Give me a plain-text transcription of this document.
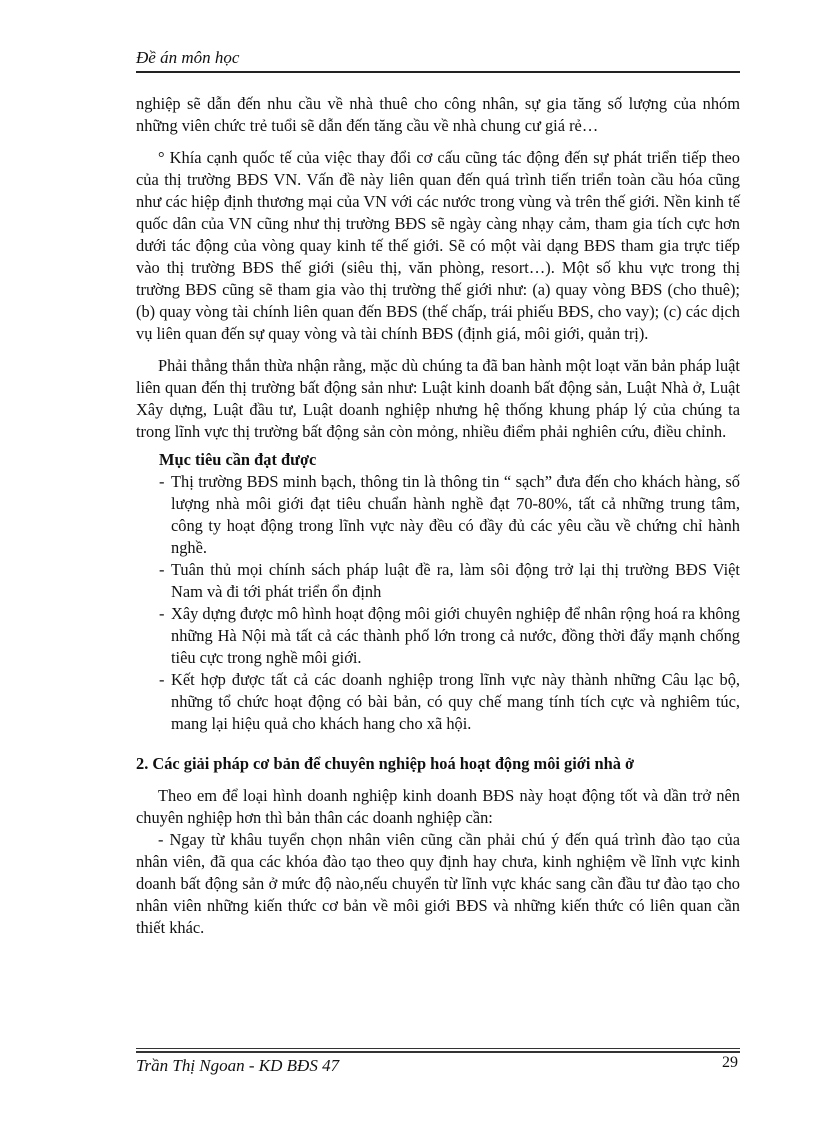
Đề án môn học

nghiệp sẽ dẫn đến nhu cầu về nhà thuê cho công nhân, sự gia tăng số lượng của nhóm những viên chức trẻ tuổi sẽ dẫn đến tăng cầu về nhà chung cư giá rẻ…

° Khía cạnh quốc tế của việc thay đổi cơ cấu cũng tác động đến sự phát triển tiếp theo của thị trường BĐS VN. Vấn đề này liên quan đến quá trình tiến triển toàn cầu hóa cũng như các hiệp định thương mại của VN với các nước trong vùng và trên thế giới. Nền kinh tế quốc dân của VN cũng như thị trường BĐS sẽ ngày càng nhạy cảm, tham gia tích cực hơn dưới tác động của vòng quay kinh tế thế giới. Sẽ có một vài dạng BĐS tham gia trực tiếp vào thị trường BĐS thế giới (siêu thị, văn phòng, resort…). Một số khu vực trong thị trường BĐS cũng sẽ tham gia vào thị trường thế giới như: (a) quay vòng BĐS (cho thuê); (b) quay vòng tài chính liên quan đến BĐS (thế chấp, trái phiếu BĐS, cho vay); (c) các dịch vụ liên quan đến sự quay vòng và tài chính BĐS (định giá, môi giới, quản trị).

Phải thẳng thắn thừa nhận rằng, mặc dù chúng ta đã ban hành một loạt văn bản pháp luật liên quan đến thị trường bất động sản như: Luật kinh doanh bất động sản, Luật Nhà ở, Luật Xây dựng, Luật đầu tư, Luật doanh nghiệp nhưng hệ thống khung pháp lý của chúng ta trong lĩnh vực thị trường bất động sản còn mỏng, nhiều điểm phải nghiên cứu, điều chỉnh.

Mục tiêu cần đạt được

- Thị trường BĐS minh bạch, thông tin là thông tin “ sạch” đưa đến cho khách hàng, số lượng nhà môi giới đạt tiêu chuẩn hành nghề đạt 70-80%, tất cả những trung tâm, công ty hoạt động trong lĩnh vực này đều có đầy đủ các yêu cầu về chứng chỉ hành nghề.
- Tuân thủ mọi chính sách pháp luật đề ra, làm sôi động trở lại thị trường BĐS Việt Nam và đi tới phát triển ổn định
- Xây dựng được mô hình hoạt động môi giới chuyên nghiệp để nhân rộng hoá ra không những Hà Nội mà tất cả các thành phố lớn trong cả nước, đồng thời đẩy mạnh chống tiêu cực trong nghề môi giới.
- Kết hợp được tất cả các doanh nghiệp trong lĩnh vực này thành những Câu lạc bộ, những tổ chức hoạt động có bài bản, có quy chế mang tính tích cực và nghiêm túc, mang lại hiệu quả cho khách hang cho xã hội.

2. Các giải pháp cơ bản để chuyên nghiệp hoá hoạt động môi giới nhà ở

Theo em để loại hình doanh nghiệp kinh doanh BĐS này hoạt động tốt và dần trở nên chuyên nghiệp hơn thì bản thân các doanh nghiệp cần:

- Ngay từ khâu tuyển chọn nhân viên cũng cần phải chú ý đến quá trình đào tạo của nhân viên, đã qua các khóa đào tạo theo quy định hay chưa, kinh nghiệm về lĩnh vực kinh doanh bất động sản ở mức độ nào,nếu chuyển từ lĩnh vực khác sang cần đầu tư đào tạo cho nhân viên những kiến thức cơ bản về môi giới BĐS và những kiến thức có liên quan cần thiết khác.

Trần Thị Ngoan - KD BĐS 47	29
